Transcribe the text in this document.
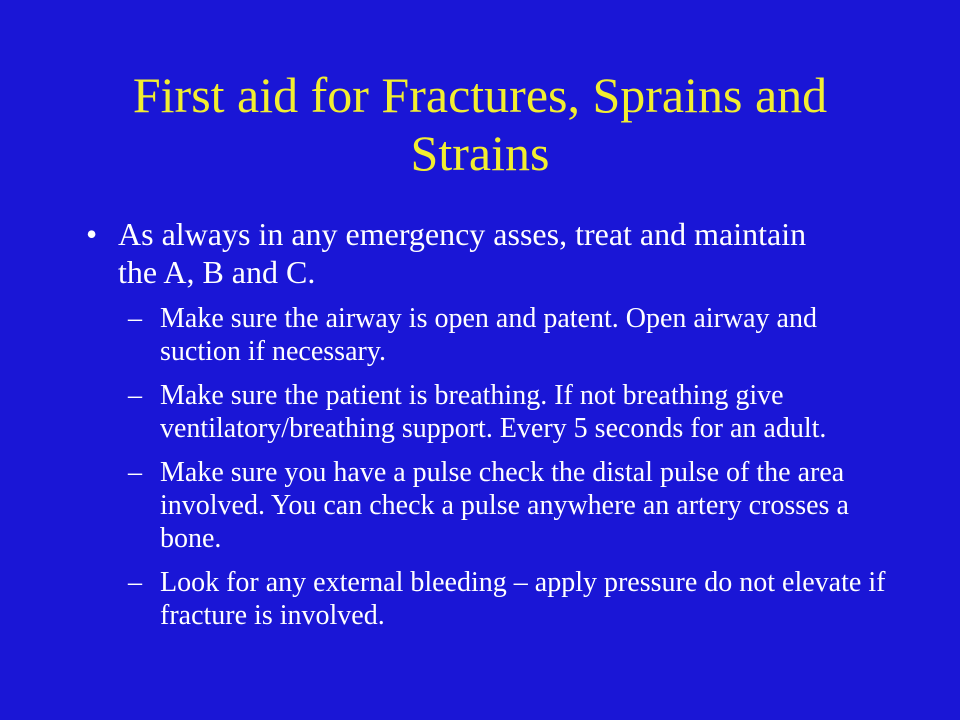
First aid for Fractures, Sprains and Strains
• As always in any emergency asses, treat and maintain the A, B and C.
– Make sure the airway is open and patent. Open airway and suction if necessary.
– Make sure the patient is breathing. If not breathing give ventilatory/breathing support. Every 5 seconds for an adult.
– Make sure you have a pulse check the distal pulse of the area involved. You can check a pulse anywhere an artery crosses a bone.
– Look for any external bleeding – apply pressure do not elevate if fracture is involved.
